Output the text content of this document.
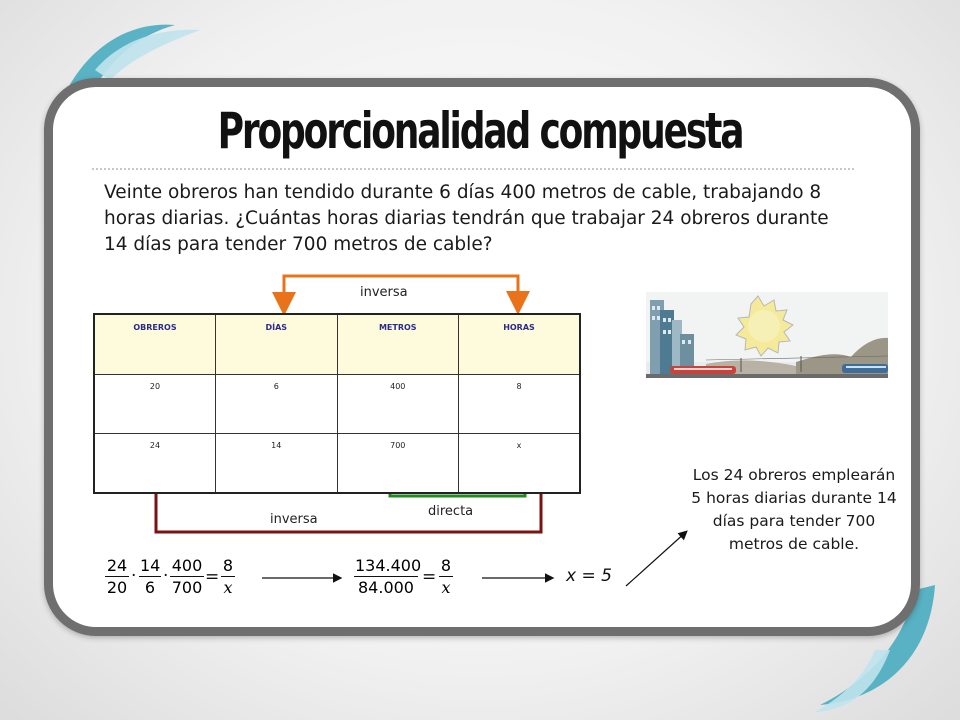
Proporcionalidad compuesta
Veinte obreros han tendido durante 6 días 400 metros de cable, trabajando 8 horas diarias. ¿Cuántas horas diarias tendrán que trabajar 24 obreros durante 14 días para tender 700 metros de cable?
inversa
inversa
directa
OBREROS	DÍAS	METROS	HORAS
20	6	400	8
24	14	700	x
$\frac{24}{20} \cdot \frac{14}{6} \cdot \frac{400}{700} = \frac{8}{x}$	$\frac{134.400}{84.000} = \frac{8}{x}$	x = 5
Los 24 obreros emplearán 5 horas diarias durante 14 días para tender 700 metros de cable.
